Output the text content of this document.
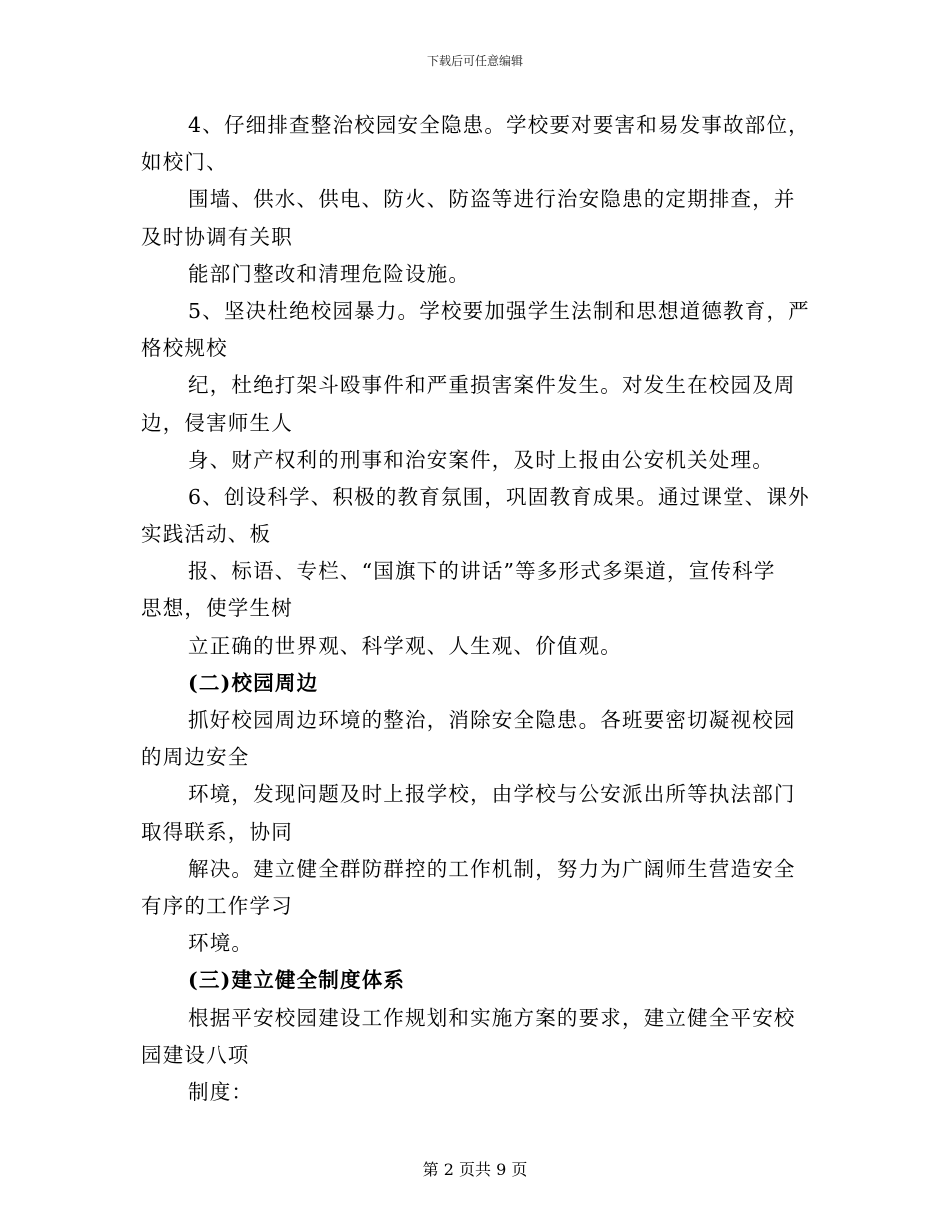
下载后可任意编辑
4、仔细排查整治校园安全隐患。学校要对要害和易发事故部位，
如校门、
围墙、供水、供电、防火、防盗等进行治安隐患的定期排查，并
及时协调有关职
能部门整改和清理危险设施。
5、坚决杜绝校园暴力。学校要加强学生法制和思想道德教育，严
格校规校
纪，杜绝打架斗殴事件和严重损害案件发生。对发生在校园及周
边，侵害师生人
身、财产权利的刑事和治安案件，及时上报由公安机关处理。
6、创设科学、积极的教育氛围，巩固教育成果。通过课堂、课外
实践活动、板
报、标语、专栏、“国旗下的讲话”等多形式多渠道，宣传科学
思想，使学生树
立正确的世界观、科学观、人生观、价值观。
(二)校园周边
抓好校园周边环境的整治，消除安全隐患。各班要密切凝视校园
的周边安全
环境，发现问题及时上报学校，由学校与公安派出所等执法部门
取得联系，协同
解决。建立健全群防群控的工作机制，努力为广阔师生营造安全
有序的工作学习
环境。
(三)建立健全制度体系
根据平安校园建设工作规划和实施方案的要求，建立健全平安校
园建设八项
制度：
第 2 页共 9 页
